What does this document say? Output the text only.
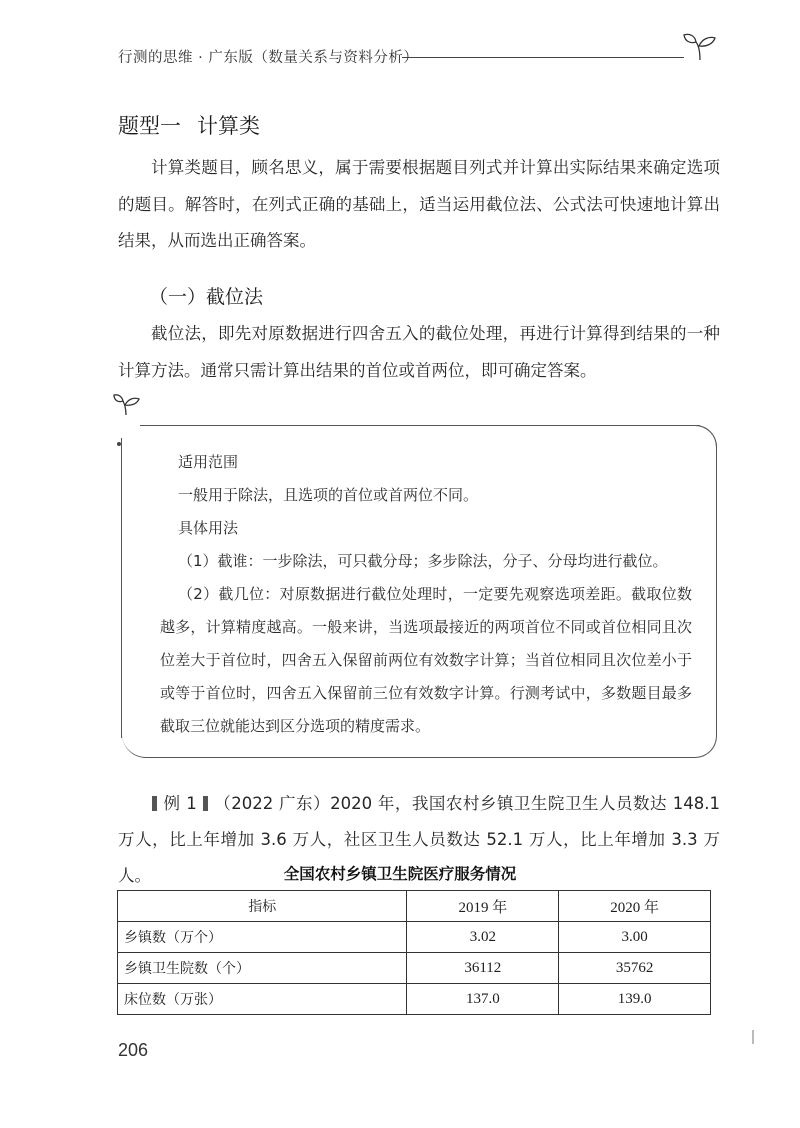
行测的思维 · 广东版（数量关系与资料分析）
题型一 计算类

计算类题目，顾名思义，属于需要根据题目列式并计算出实际结果来确定选项的题目。解答时，在列式正确的基础上，适当运用截位法、公式法可快速地计算出结果，从而选出正确答案。

（一）截位法

截位法，即先对原数据进行四舍五入的截位处理，再进行计算得到结果的一种计算方法。通常只需计算出结果的首位或首两位，即可确定答案。

适用范围

一般用于除法，且选项的首位或首两位不同。

具体用法

（1）截谁：一步除法，可只截分母；多步除法，分子、分母均进行截位。

（2）截几位：对原数据进行截位处理时，一定要先观察选项差距。截取位数越多，计算精度越高。一般来讲，当选项最接近的两项首位不同或首位相同且次位差大于首位时，四舍五入保留前两位有效数字计算；当首位相同且次位差小于或等于首位时，四舍五入保留前三位有效数字计算。行测考试中，多数题目最多截取三位就能达到区分选项的精度需求。

例 1 （2022 广东）2020 年，我国农村乡镇卫生院卫生人员数达 148.1 万人，比上年增加 3.6 万人，社区卫生人员数达 52.1 万人，比上年增加 3.3 万人。	全国农村乡镇卫生院医疗服务情况
指标	2019 年	2020 年
乡镇数（万个）	3.02	3.00
乡镇卫生院数（个）	36112	35762
床位数（万张）	137.0	139.0
206
